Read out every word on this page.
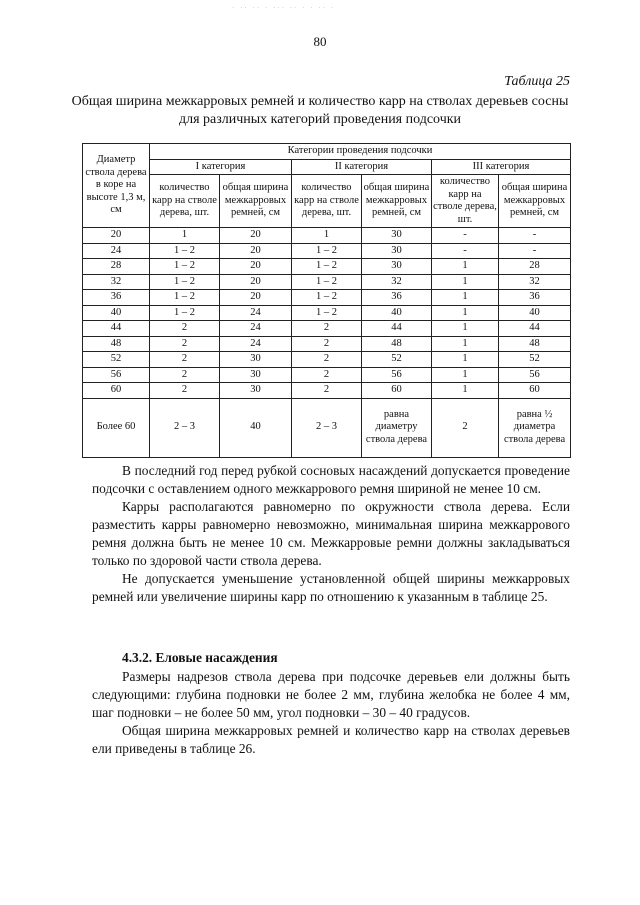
· ·· ·· · ··· ·· · · ·· ·
80
Таблица 25
Общая ширина межкарровых ремней и количество карр на стволах деревьев сосны для различных категорий проведения подсочки
Диаметр ствола дерева в коре на высоте 1,3 м, см	Категории проведения подсочки					
	I категория		II категория		III категория	
	количество карр на стволе дерева, шт.	общая ширина межкарровых ремней, см	количество карр на стволе дерева, шт.	общая ширина межкарровых ремней, см	количество карр на стволе дерева, шт.	общая ширина межкарровых ремней, см
20	1	20	1	30	-	-
24	1 – 2	20	1 – 2	30	-	-
28	1 – 2	20	1 – 2	30	1	28
32	1 – 2	20	1 – 2	32	1	32
36	1 – 2	20	1 – 2	36	1	36
40	1 – 2	24	1 – 2	40	1	40
44	2	24	2	44	1	44
48	2	24	2	48	1	48
52	2	30	2	52	1	52
56	2	30	2	56	1	56
60	2	30	2	60	1	60
Более 60	2 – 3	40	2 – 3	равна диаметру ствола дерева	2	равна ½ диаметра ствола дерева

В последний год перед рубкой сосновых насаждений допускается проведение подсочки с оставлением одного межкаррового ремня шириной не менее 10 см.

Карры располагаются равномерно по окружности ствола дерева. Если разместить карры равномерно невозможно, минимальная ширина межкаррового ремня должна быть не менее 10 см. Межкарровые ремни должны закладываться только по здоровой части ствола дерева.

Не допускается уменьшение установленной общей ширины межкарровых ремней или увеличение ширины карр по отношению к указанным в таблице 25.

4.3.2. Еловые насаждения

Размеры надрезов ствола дерева при подсочке деревьев ели должны быть следующими: глубина подновки не более 2 мм, глубина желобка не более 4 мм, шаг подновки – не более 50 мм, угол подновки – 30 – 40 градусов.

Общая ширина межкарровых ремней и количество карр на стволах деревьев ели приведены в таблице 26.
